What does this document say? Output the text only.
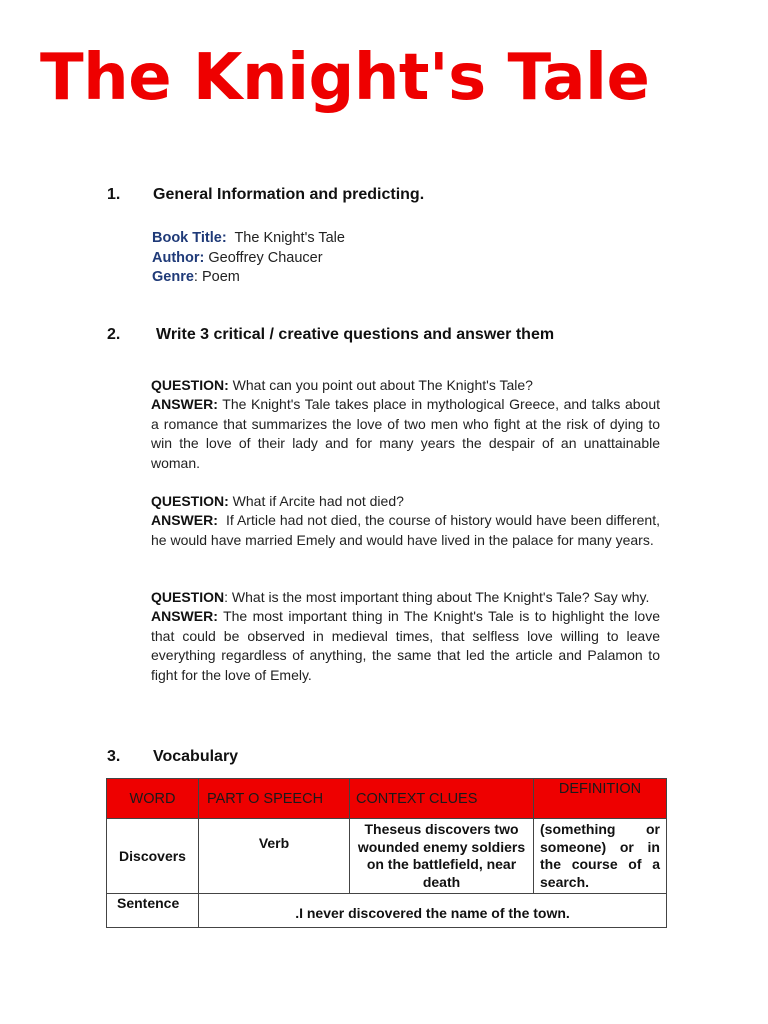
The Knight's Tale
1. General Information and predicting.
Book Title: The Knight's Tale
Author: Geoffrey Chaucer
Genre: Poem
2. Write 3 critical / creative questions and answer them

QUESTION: What can you point out about The Knight's Tale?

ANSWER: The Knight's Tale takes place in mythological Greece, and talks about a romance that summarizes the love of two men who fight at the risk of dying to win the love of their lady and for many years the despair of an unattainable woman.

QUESTION: What if Arcite had not died?

ANSWER: If Article had not died, the course of history would have been different, he would have married Emely and would have lived in the palace for many years.

QUESTION: What is the most important thing about The Knight's Tale? Say why.

ANSWER: The most important thing in The Knight's Tale is to highlight the love that could be observed in medieval times, that selfless love willing to leave everything regardless of anything, the same that led the article and Palamon to fight for the love of Emely.

3. Vocabulary
WORD	PART O SPEECH	CONTEXT CLUES	DEFINITION
Discovers	Verb	Theseus discovers two wounded enemy soldiers on the battlefield, near death	(something or someone) or in the course of a search.
Sentence	.I never discovered the name of the town.		
